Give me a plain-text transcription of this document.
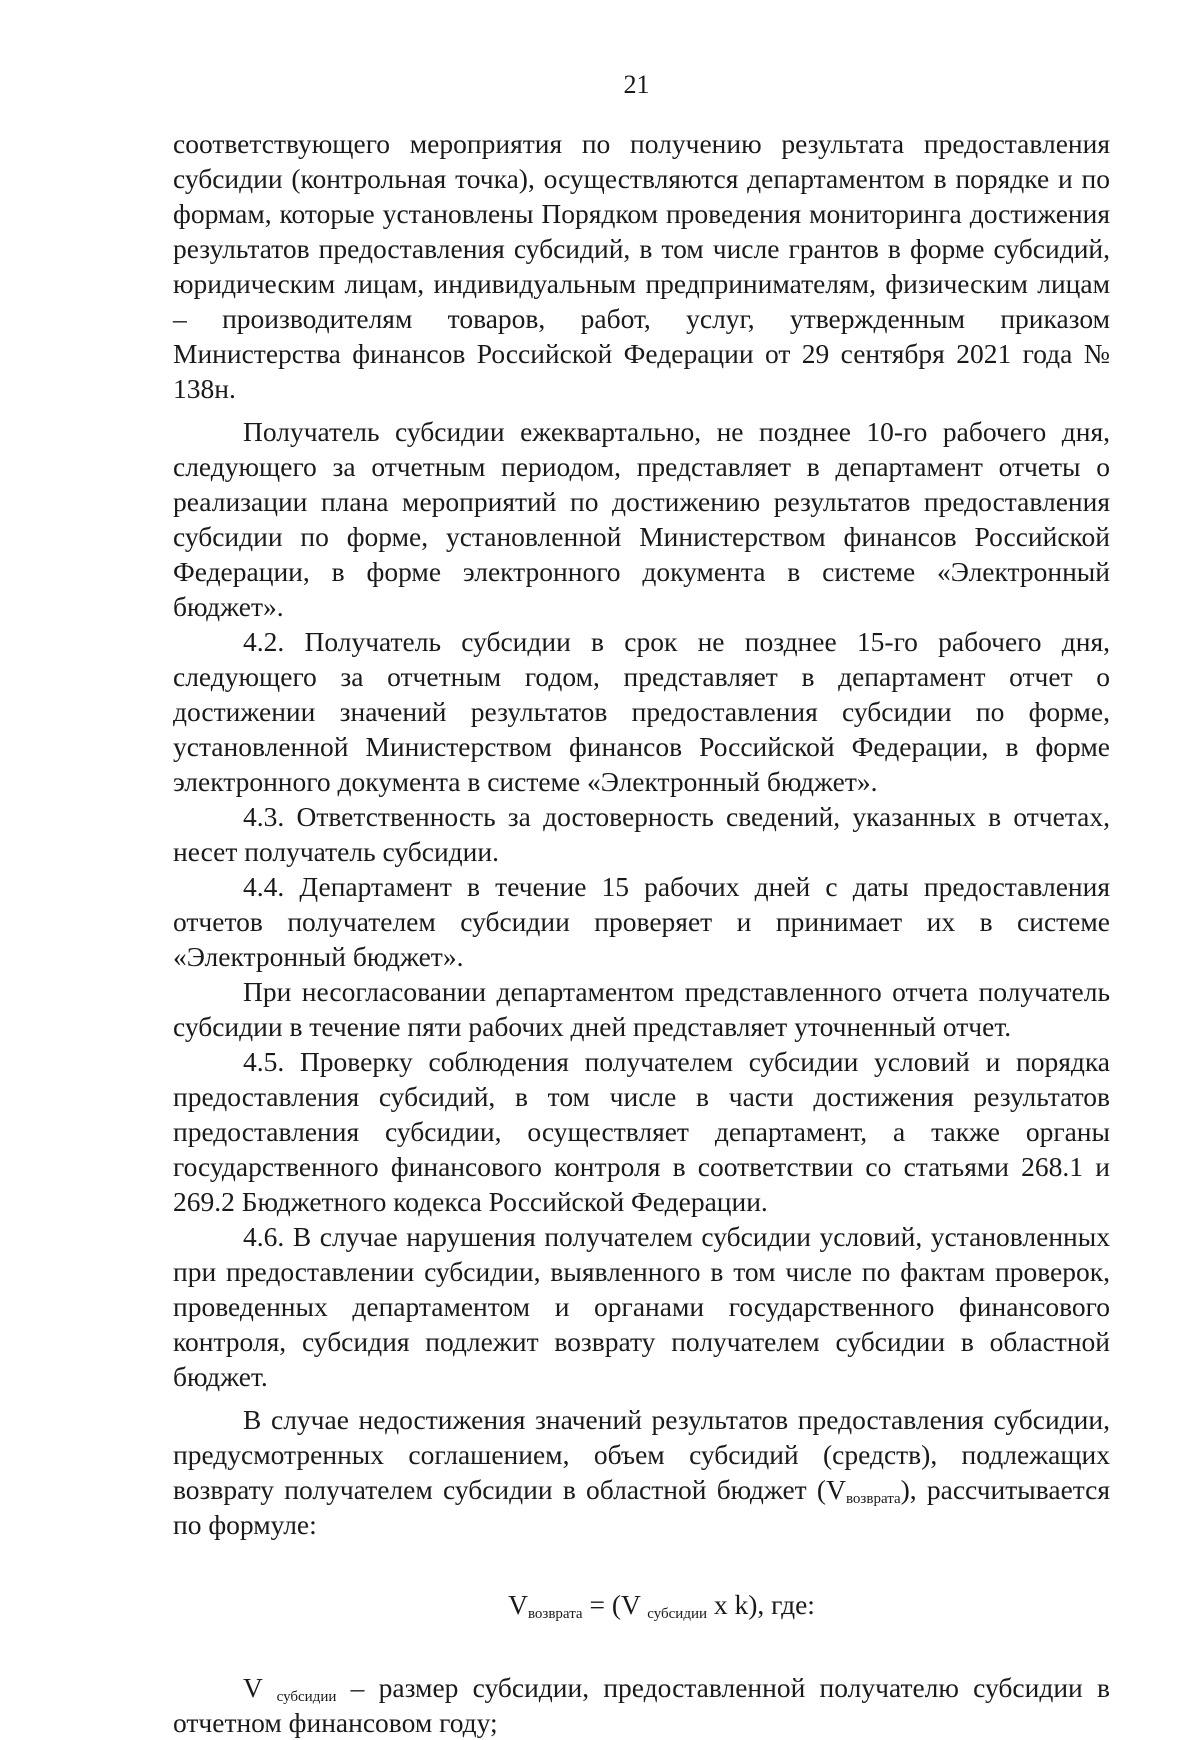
21

соответствующего мероприятия по получению результата предоставления субсидии (контрольная точка), осуществляются департаментом в порядке и по формам, которые установлены Порядком проведения мониторинга достижения результатов предоставления субсидий, в том числе грантов в форме субсидий, юридическим лицам, индивидуальным предпринимателям, физическим лицам – производителям товаров, работ, услуг, утвержденным приказом Министерства финансов Российской Федерации от 29 сентября 2021 года № 138н.

Получатель субсидии ежеквартально, не позднее 10-го рабочего дня, следующего за отчетным периодом, представляет в департамент отчеты о реализации плана мероприятий по достижению результатов предоставления субсидии по форме, установленной Министерством финансов Российской Федерации, в форме электронного документа в системе «Электронный бюджет».

4.2. Получатель субсидии в срок не позднее 15-го рабочего дня, следующего за отчетным годом, представляет в департамент отчет о достижении значений результатов предоставления субсидии по форме, установленной Министерством финансов Российской Федерации, в форме электронного документа в системе «Электронный бюджет».

4.3. Ответственность за достоверность сведений, указанных в отчетах, несет получатель субсидии.

4.4. Департамент в течение 15 рабочих дней с даты предоставления отчетов получателем субсидии проверяет и принимает их в системе «Электронный бюджет».

При несогласовании департаментом представленного отчета получатель субсидии в течение пяти рабочих дней представляет уточненный отчет.

4.5. Проверку соблюдения получателем субсидии условий и порядка предоставления субсидий, в том числе в части достижения результатов предоставления субсидии, осуществляет департамент, а также органы государственного финансового контроля в соответствии со статьями 268.1 и 269.2 Бюджетного кодекса Российской Федерации.

4.6. В случае нарушения получателем субсидии условий, установленных при предоставлении субсидии, выявленного в том числе по фактам проверок, проведенных департаментом и органами государственного финансового контроля, субсидия подлежит возврату получателем субсидии в областной бюджет.

В случае недостижения значений результатов предоставления субсидии, предусмотренных соглашением, объем субсидий (средств), подлежащих возврату получателем субсидии в областной бюджет $(V_{возврата})$, рассчитывается по формуле:

$V_{возврата} = (V$ $_{субсидии}$ x k), где:

V $_{субсидии}$ – размер субсидии, предоставленной получателю субсидии в отчетном финансовом году;
